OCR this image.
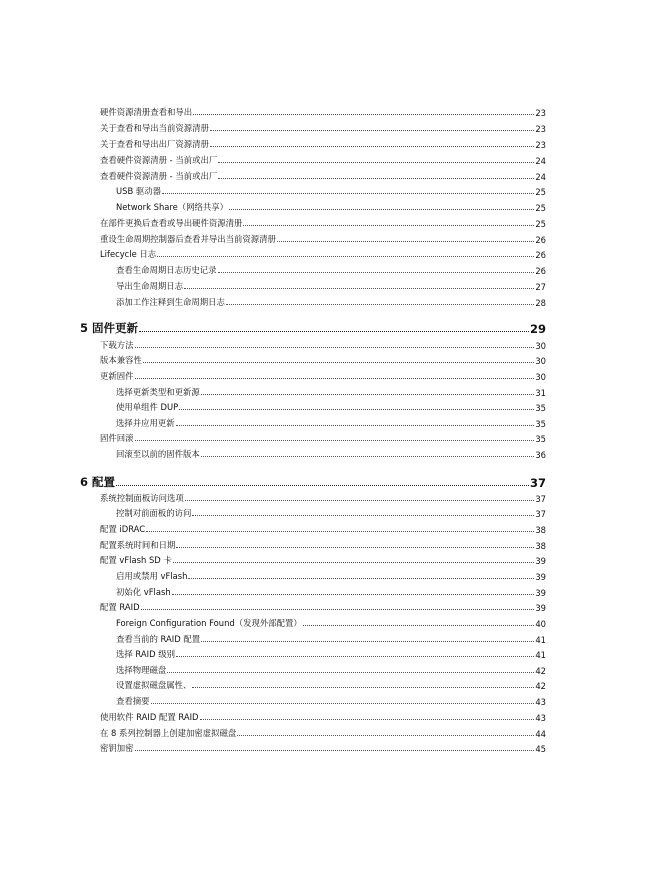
硬件资源清册查看和导出	23
关于查看和导出当前资源清册	23
关于查看和导出出厂资源清册	23
查看硬件资源清册 - 当前或出厂	24
查看硬件资源清册 - 当前或出厂	24
USB 驱动器	25
Network Share（网络共享）	25
在部件更换后查看或导出硬件资源清册	25
重设生命周期控制器后查看并导出当前资源清册	26
Lifecycle 日志	26
查看生命周期日志历史记录	26
导出生命周期日志	27
添加工作注释到生命周期日志	28
5 固件更新	29
下载方法	30
版本兼容性	30
更新固件	30
选择更新类型和更新源	31
使用单组件 DUP	35
选择并应用更新	35
固件回滚	35
回滚至以前的固件版本	36
6 配置	37
系统控制面板访问选项	37
控制对前面板的访问	37
配置 iDRAC	38
配置系统时间和日期	38
配置 vFlash SD 卡	39
启用或禁用 vFlash	39
初始化 vFlash	39
配置 RAID	39
Foreign Configuration Found（发现外部配置）	40
查看当前的 RAID 配置	41
选择 RAID 级别	41
选择物理磁盘	42
设置虚拟磁盘属性、	42
查看摘要	43
使用软件 RAID 配置 RAID	43
在 8 系列控制器上创建加密虚拟磁盘	44
密钥加密	45
